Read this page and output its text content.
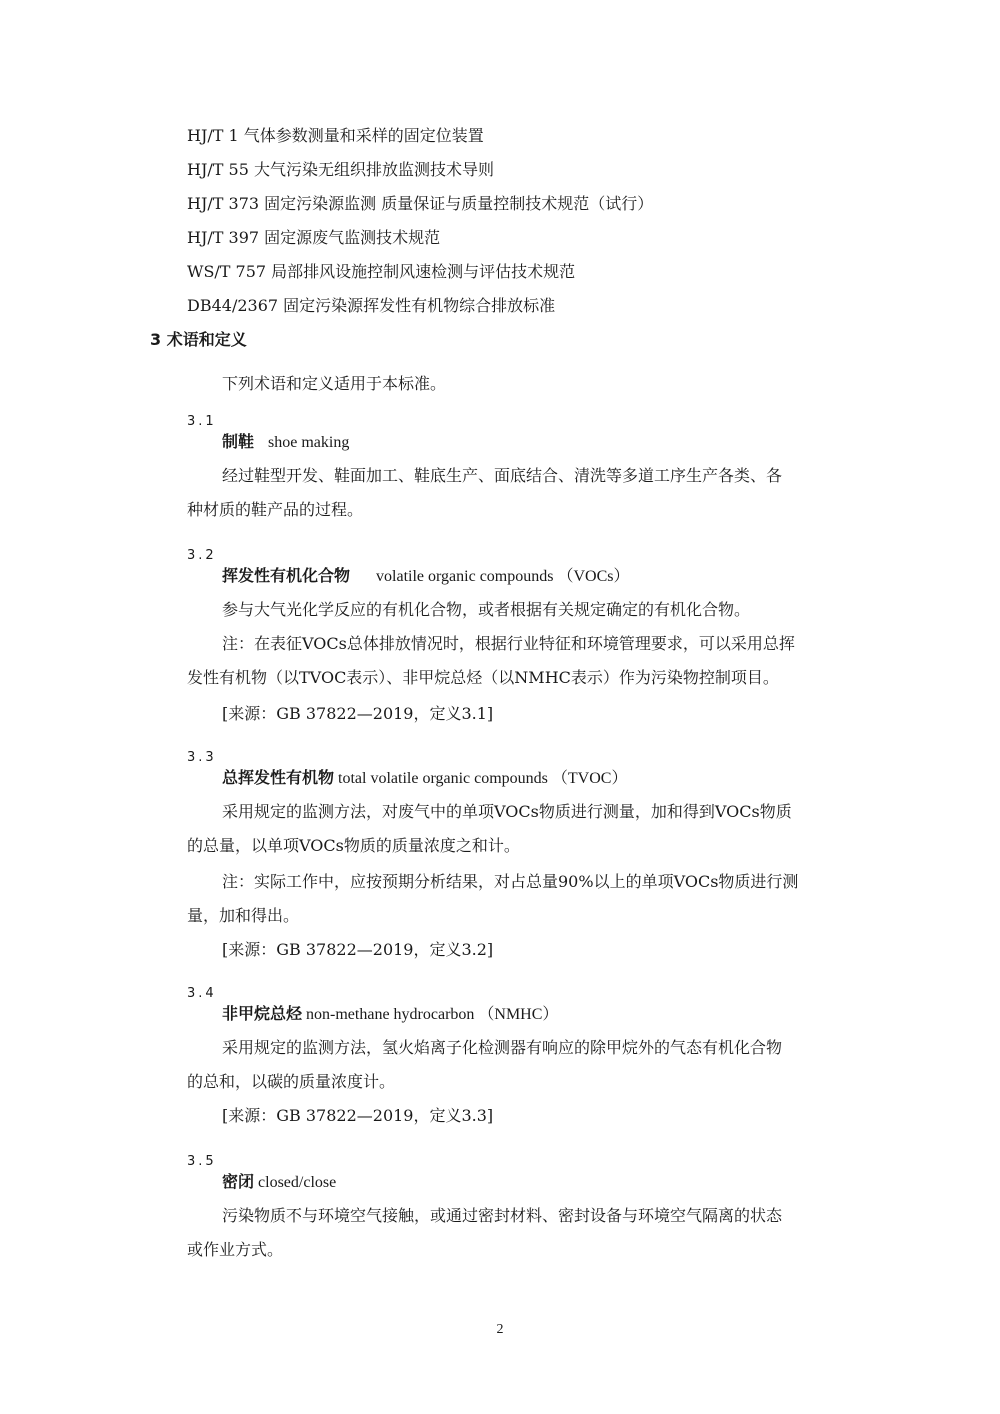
HJ/T 1 气体参数测量和采样的固定位装置
HJ/T 55 大气污染无组织排放监测技术导则
HJ/T 373 固定污染源监测 质量保证与质量控制技术规范（试行）
HJ/T 397 固定源废气监测技术规范
WS/T 757 局部排风设施控制风速检测与评估技术规范
DB44/2367 固定污染源挥发性有机物综合排放标准
3 术语和定义
下列术语和定义适用于本标准。
3.1
制鞋 shoe making
经过鞋型开发、鞋面加工、鞋底生产、面底结合、清洗等多道工序生产各类、各
种材质的鞋产品的过程。
3.2
挥发性有机化合物 volatile organic compounds （VOCs）
参与大气光化学反应的有机化合物，或者根据有关规定确定的有机化合物。
注：在表征VOCs总体排放情况时，根据行业特征和环境管理要求，可以采用总挥
发性有机物（以TVOC表示）、非甲烷总烃（以NMHC表示）作为污染物控制项目。
[来源：GB 37822—2019，定义3.1]
3.3
总挥发性有机物 total volatile organic compounds （TVOC）
采用规定的监测方法，对废气中的单项VOCs物质进行测量，加和得到VOCs物质
的总量，以单项VOCs物质的质量浓度之和计。
注：实际工作中，应按预期分析结果，对占总量90%以上的单项VOCs物质进行测
量，加和得出。
[来源：GB 37822—2019，定义3.2]
3.4
非甲烷总烃 non-methane hydrocarbon （NMHC）
采用规定的监测方法，氢火焰离子化检测器有响应的除甲烷外的气态有机化合物
的总和，以碳的质量浓度计。
[来源：GB 37822—2019，定义3.3]
3.5
密闭 closed/close
污染物质不与环境空气接触，或通过密封材料、密封设备与环境空气隔离的状态
或作业方式。
2
